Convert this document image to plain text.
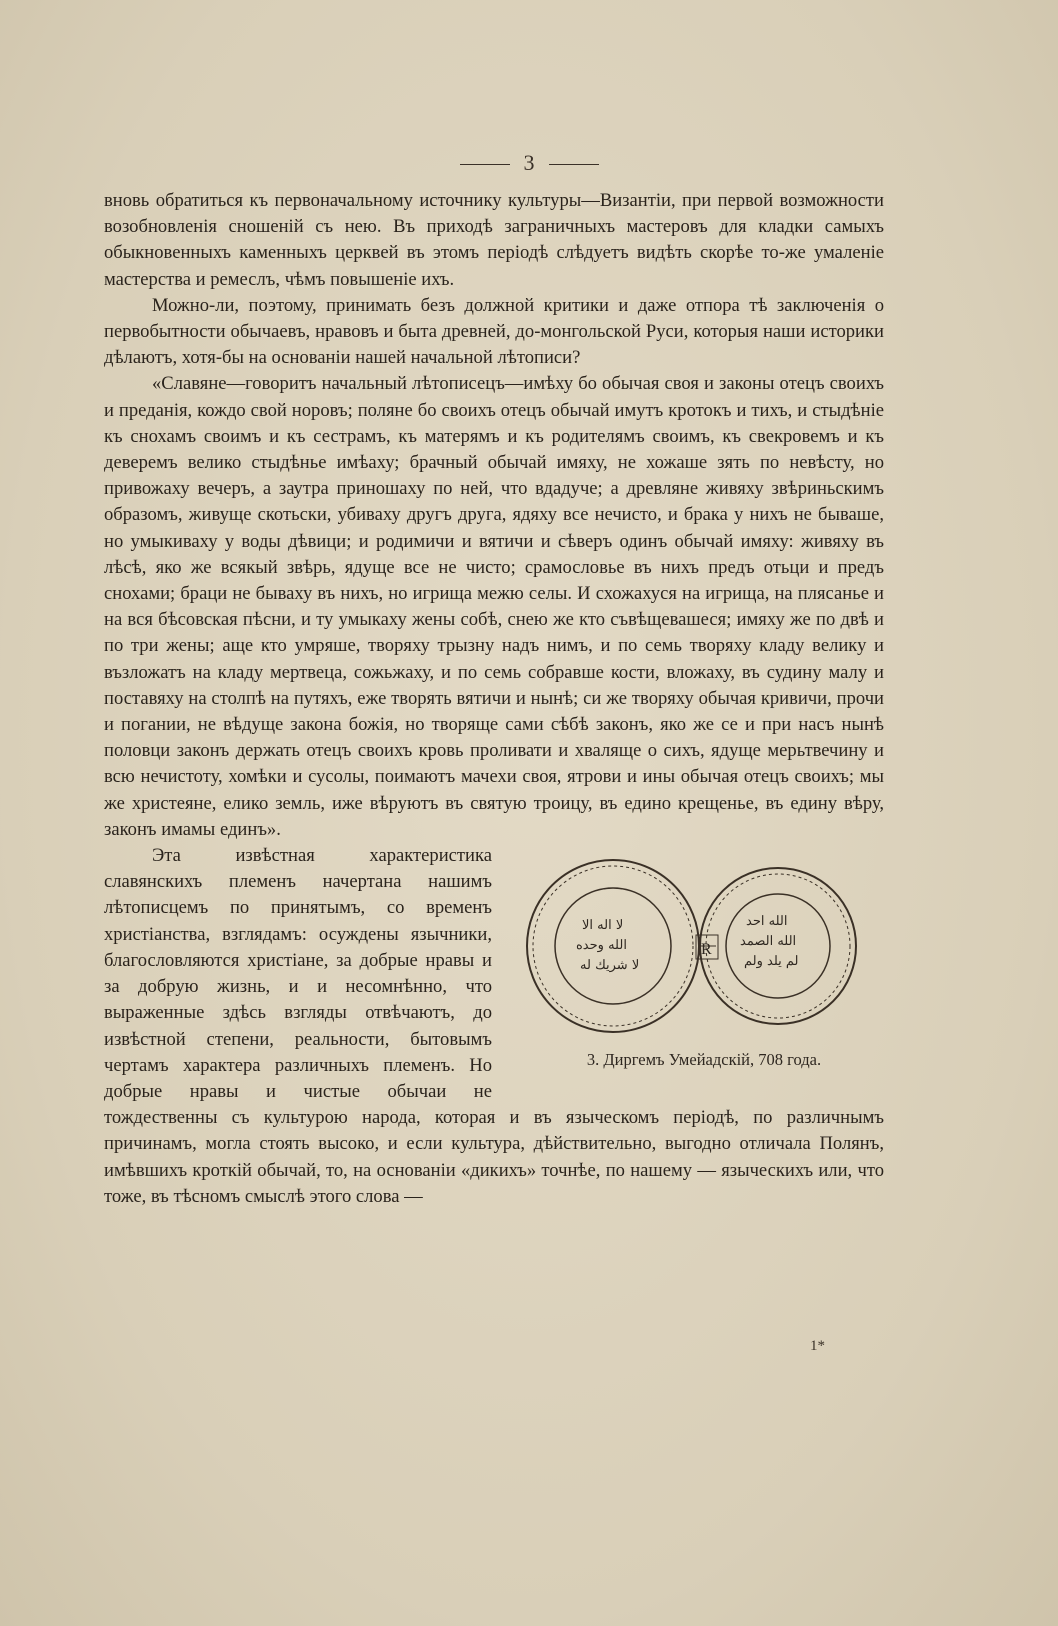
3

вновь обратиться къ первоначальному источнику культуры—Византіи, при первой возможности возобновленія сношеній съ нею. Въ приходѣ заграничныхъ мастеровъ для кладки самыхъ обыкновенныхъ каменныхъ церквей въ этомъ періодѣ слѣдуетъ видѣть скорѣе то-же умаленіе мастерства и ремеслъ, чѣмъ повышеніе ихъ.

Можно-ли, поэтому, принимать безъ должной критики и даже отпора тѣ заключенія о первобытности обычаевъ, нравовъ и быта древней, до-монгольской Руси, которыя наши историки дѣлаютъ, хотя-бы на основаніи нашей начальной лѣтописи?

«Славяне—говоритъ начальный лѣтописецъ—имѣху бо обычая своя и законы отецъ своихъ и преданія, кождо свой норовъ; поляне бо своихъ отецъ обычай имутъ кротокъ и тихъ, и стыдѣніе къ снохамъ своимъ и къ сестрамъ, къ матерямъ и къ родителямъ своимъ, къ свекровемъ и къ деверемъ велико стыдѣнье имѣаху; брачный обычай имяху, не хожаше зять по невѣсту, но привожаху вечеръ, а заутра приношаху по ней, что вдадуче; а древляне живяху звѣриньскимъ образомъ, живуще скотьски, убиваху другъ друга, ядяху все нечисто, и брака у нихъ не бываше, но умыкиваху у воды дѣвици; и родимичи и вятичи и сѣверъ одинъ обычай имяху: живяху въ лѣсѣ, яко же всякый звѣрь, ядуще все не чисто; срамословье въ нихъ предъ отьци и предъ снохами; браци не бываху въ нихъ, но игрища межю селы. И схожахуся на игрища, на плясанье и на вся бѣсовская пѣсни, и ту умыкаху жены собѣ, снею же кто съвѣщевашеся; имяху же по двѣ и по три жены; аще кто умряше, творяху трызну надъ нимъ, и по семь творяху кладу велику и възложатъ на кладу мертвеца, сожьжаху, и по семь собравше кости, вложаху, въ судину малу и поставяху на столпѣ на путяхъ, еже творять вятичи и нынѣ; си же творяху обычая кривичи, прочи и погании, не вѣдуще закона божія, но творяще сами сѣбѣ законъ, яко же се и при насъ нынѣ половци законъ держать отецъ своихъ кровь проливати и хваляще о сихъ, ядуще мерьтвечину и всю нечистоту, хомѣки и сусолы, поимаютъ мачехи своя, ятрови и ины обычая отецъ своихъ; мы же христеяне, елико земль, иже вѣруютъ въ святую троицу, въ едино крещенье, въ едину вѣру, законъ имамы единъ».

ﻻ ﺍﻟﻪ ﺍﻻ
ﺍﻟﻠﻪ ﻭﺣﺪﻩ
ﻻ ﺷﺮﻳﻚ ﻟﻪ
ﺍﻟﻠﻪ ﺍﺣﺪ
ﺍﻟﻠﻪ ﺍﻟﺼﻤﺪ
ﻟﻢ ﻳﻠﺪ ﻭﻟﻢ
R
3. Диргемъ Умейадскій, 708 года.

Эта извѣстная характеристика славянскихъ племенъ начертана нашимъ лѣтописцемъ по принятымъ, со временъ христіанства, взглядамъ: осуждены язычники, благословляются христіане, за добрые нравы и за добрую жизнь, и и несомнѣнно, что выраженные здѣсь взгляды отвѣчаютъ, до извѣстной степени, реальности, бытовымъ чертамъ характера различныхъ племенъ. Но добрые нравы и чистые обычаи не тождественны съ культурою народа, которая и въ языческомъ періодѣ, по различнымъ причинамъ, могла стоять высоко, и если культура, дѣйствительно, выгодно отличала Полянъ, имѣвшихъ кроткій обычай, то, на основаніи «дикихъ» точнѣе, по нашему — языческихъ или, что тоже, въ тѣсномъ смыслѣ этого слова —

1*
